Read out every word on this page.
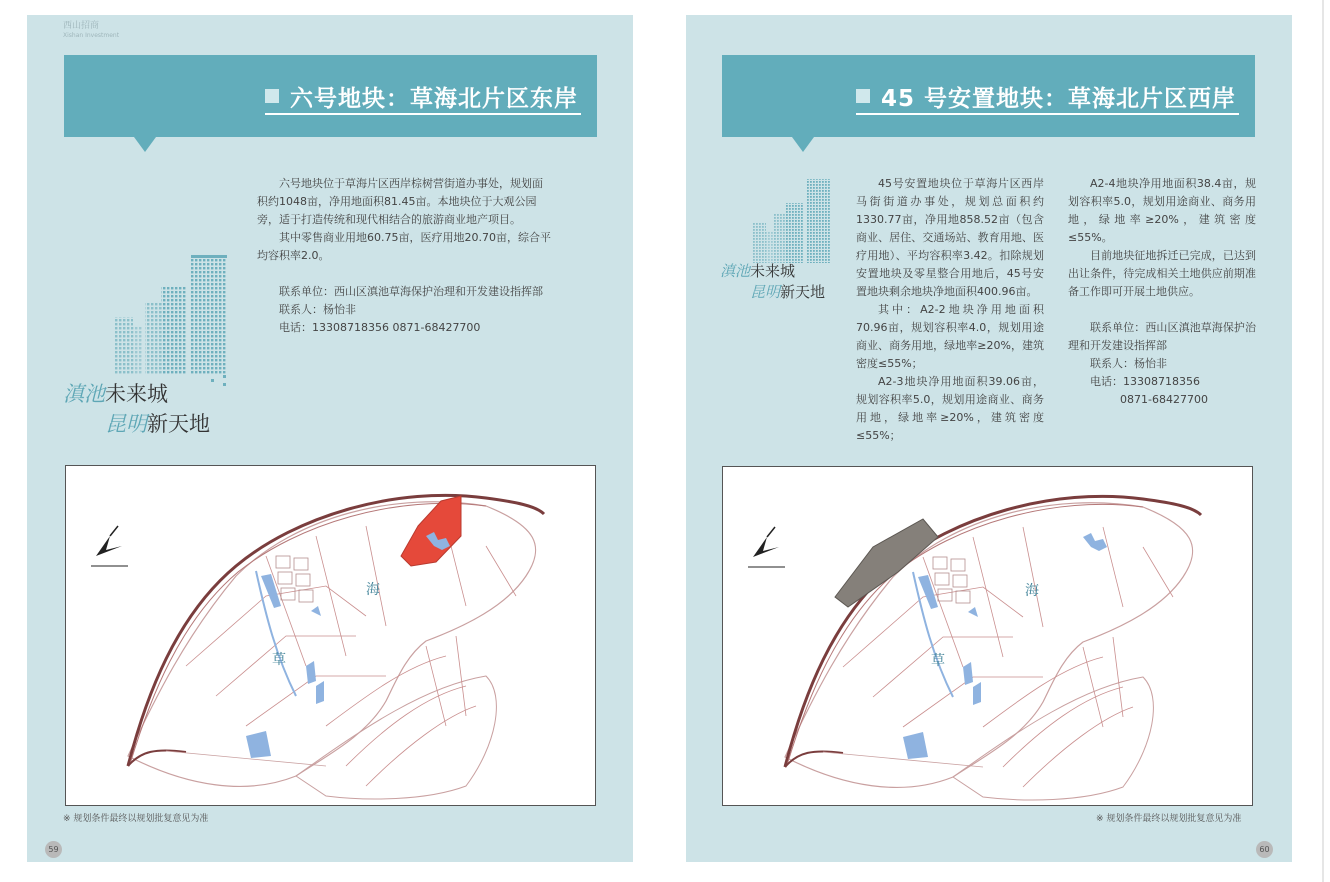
西山招商
Xishan Investment
六号地块：草海北片区东岸
滇池未来城
昆明新天地

六号地块位于草海片区西岸棕树营街道办事处，规划面积约1048亩，净用地面积81.45亩。本地块位于大观公园旁，适于打造传统和现代相结合的旅游商业地产项目。

其中零售商业用地60.75亩，医疗用地20.70亩，综合平均容积率2.0。

联系单位：西山区滇池草海保护治理和开发建设指挥部

联系人：杨怡非

电话：13308718356 0871-68427700

海
草
※ 规划条件最终以规划批复意见为准
59
45 号安置地块：草海北片区西岸
滇池未来城
昆明新天地

45号安置地块位于草海片区西岸马街街道办事处，规划总面积约1330.77亩，净用地858.52亩（包含商业、居住、交通场站、教育用地、医疗用地）、平均容积率3.42。扣除规划安置地块及零星整合用地后，45号安置地块剩余地块净地面积400.96亩。

其中：A2-2地块净用地面积70.96亩，规划容积率4.0，规划用途商业、商务用地，绿地率≥20%，建筑密度≤55%；

A2-3地块净用地面积39.06亩，规划容积率5.0，规划用途商业、商务用地，绿地率≥20%，建筑密度≤55%；

A2-4地块净用地面积38.4亩，规划容积率5.0，规划用途商业、商务用地，绿地率≥20%，建筑密度≤55%。

目前地块征地拆迁已完成，已达到出让条件，待完成相关土地供应前期准备工作即可开展土地供应。

联系单位：西山区滇池草海保护治理和开发建设指挥部

联系人：杨怡非

电话：13308718356

0871-68427700

海
草
※ 规划条件最终以规划批复意见为准
60
